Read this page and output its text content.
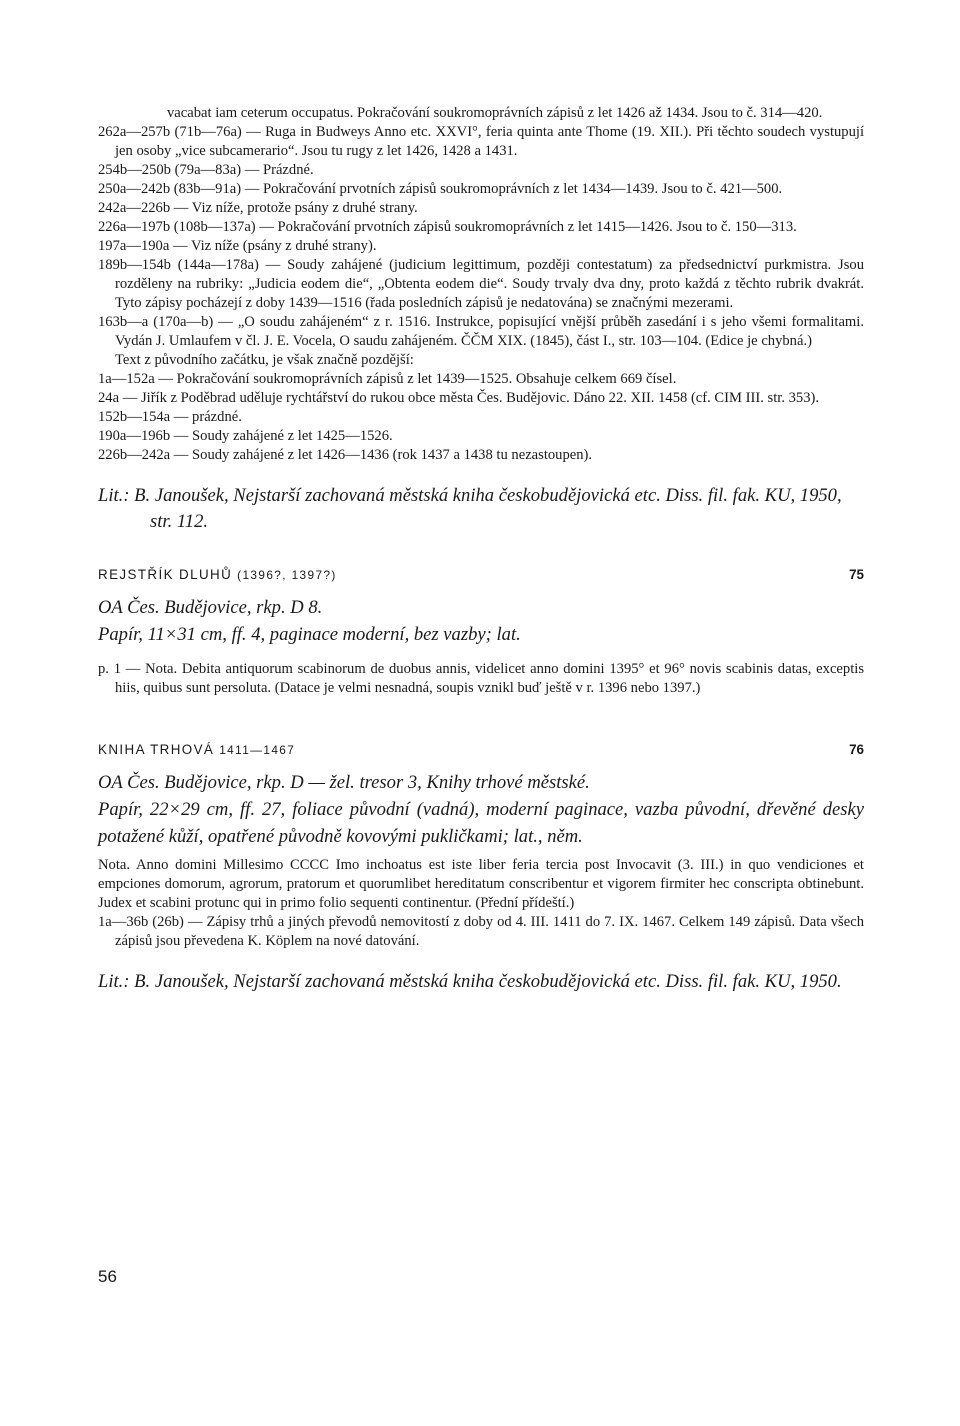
vacabat iam ceterum occupatus. Pokračování soukromoprávních zápisů z let 1426 až 1434. Jsou to č. 314—420.
262a—257b (71b—76a) — Ruga in Budweys Anno etc. XXVI°, feria quinta ante Thome (19. XII.). Při těchto soudech vystupují jen osoby „vice subcamerario“. Jsou tu rugy z let 1426, 1428 a 1431.
254b—250b (79a—83a) — Prázdné.
250a—242b (83b—91a) — Pokračování prvotních zápisů soukromoprávních z let 1434—1439. Jsou to č. 421—500.
242a—226b — Viz níže, protože psány z druhé strany.
226a—197b (108b—137a) — Pokračování prvotních zápisů soukromoprávních z let 1415—1426. Jsou to č. 150—313.
197a—190a — Viz níže (psány z druhé strany).
189b—154b (144a—178a) — Soudy zahájené (judicium legittimum, později contestatum) za předsednictví purkmistra. Jsou rozděleny na rubriky: „Judicia eodem die“, „Obtenta eodem die“. Soudy trvaly dva dny, proto každá z těchto rubrik dvakrát. Tyto zápisy pocházejí z doby 1439—1516 (řada posledních zápisů je nedatována) se značnými mezerami.
163b—a (170a—b) — „O soudu zahájeném“ z r. 1516. Instrukce, popisující vnější průběh zasedání i s jeho všemi formalitami. Vydán J. Umlaufem v čl. J. E. Vocela, O saudu zahájeném. ČČM XIX. (1845), část I., str. 103—104. (Edice je chybná.)
Text z původního začátku, je však značně pozdější:
1a—152a — Pokračování soukromoprávních zápisů z let 1439—1525. Obsahuje celkem 669 čísel.
24a — Jiřík z Poděbrad uděluje rychtářství do rukou obce města Čes. Budějovic. Dáno 22. XII. 1458 (cf. CIM III. str. 353).
152b—154a — prázdné.
190a—196b — Soudy zahájené z let 1425—1526.
226b—242a — Soudy zahájené z let 1426—1436 (rok 1437 a 1438 tu nezastoupen).
Lit.: B. Janoušek, Nejstarší zachovaná městská kniha českobudějovická etc. Diss. fil. fak. KU, 1950, str. 112.
REJSTŘÍK DLUHŮ (1396?, 1397?)	75
OA Čes. Budějovice, rkp. D 8.
Papír, 11×31 cm, ff. 4, paginace moderní, bez vazby; lat.
p. 1 — Nota. Debita antiquorum scabinorum de duobus annis, videlicet anno domini 1395° et 96° novis scabinis datas, exceptis hiis, quibus sunt persoluta. (Datace je velmi nesnadná, soupis vznikl buď ještě v r. 1396 nebo 1397.)
KNIHA TRHOVÁ 1411—1467	76
OA Čes. Budějovice, rkp. D — žel. tresor 3, Knihy trhové městské.
Papír, 22×29 cm, ff. 27, foliace původní (vadná), moderní paginace, vazba původní, dřevěné desky potažené kůží, opatřené původně kovovými pukličkami; lat., něm.
Nota. Anno domini Millesimo CCCC Imo inchoatus est iste liber feria tercia post Invocavit (3. III.) in quo vendiciones et empciones domorum, agrorum, pratorum et quorumlibet hereditatum conscribentur et vigorem firmiter hec conscripta obtinebunt. Judex et scabini protunc qui in primo folio sequenti continentur. (Přední přídeští.)
1a—36b (26b) — Zápisy trhů a jiných převodů nemovitostí z doby od 4. III. 1411 do 7. IX. 1467. Celkem 149 zápisů. Data všech zápisů jsou převedena K. Köplem na nové datování.
Lit.: B. Janoušek, Nejstarší zachovaná městská kniha českobudějovická etc. Diss. fil. fak. KU, 1950.
56
